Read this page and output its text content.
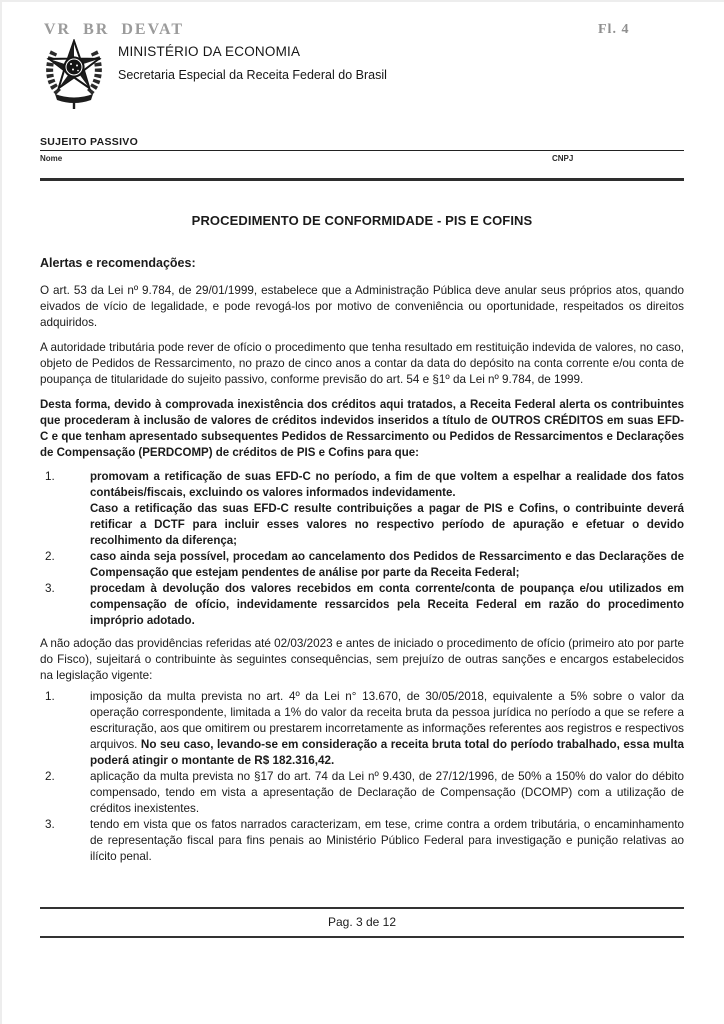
VR BR DEVAT	Fl. 4
MINISTÉRIO DA ECONOMIA
Secretaria Especial da Receita Federal do Brasil
SUJEITO PASSIVO
Nome	CNPJ
PROCEDIMENTO DE CONFORMIDADE - PIS E COFINS
Alertas e recomendações:
O art. 53 da Lei nº 9.784, de 29/01/1999, estabelece que a Administração Pública deve anular seus próprios atos, quando eivados de vício de legalidade, e pode revogá-los por motivo de conveniência ou oportunidade, respeitados os direitos adquiridos.
A autoridade tributária pode rever de ofício o procedimento que tenha resultado em restituição indevida de valores, no caso, objeto de Pedidos de Ressarcimento, no prazo de cinco anos a contar da data do depósito na conta corrente e/ou conta de poupança de titularidade do sujeito passivo, conforme previsão do art. 54 e §1º da Lei nº 9.784, de 1999.
Desta forma, devido à comprovada inexistência dos créditos aqui tratados, a Receita Federal alerta os contribuintes que procederam à inclusão de valores de créditos indevidos inseridos a título de OUTROS CRÉDITOS em suas EFD-C e que tenham apresentado subsequentes Pedidos de Ressarcimento ou Pedidos de Ressarcimentos e Declarações de Compensação (PERDCOMP) de créditos de PIS e Cofins para que:
1.	promovam a retificação de suas EFD-C no período, a fim de que voltem a espelhar a realidade dos fatos contábeis/fiscais, excluindo os valores informados indevidamente.
Caso a retificação das suas EFD-C resulte contribuições a pagar de PIS e Cofins, o contribuinte deverá retificar a DCTF para incluir esses valores no respectivo período de apuração e efetuar o devido recolhimento da diferença;
2.	caso ainda seja possível, procedam ao cancelamento dos Pedidos de Ressarcimento e das Declarações de Compensação que estejam pendentes de análise por parte da Receita Federal;
3.	procedam à devolução dos valores recebidos em conta corrente/conta de poupança e/ou utilizados em compensação de ofício, indevidamente ressarcidos pela Receita Federal em razão do procedimento impróprio adotado.
A não adoção das providências referidas até 02/03/2023 e antes de iniciado o procedimento de ofício (primeiro ato por parte do Fisco), sujeitará o contribuinte às seguintes consequências, sem prejuízo de outras sanções e encargos estabelecidos na legislação vigente:
1.	imposição da multa prevista no art. 4º da Lei n° 13.670, de 30/05/2018, equivalente a 5% sobre o valor da operação correspondente, limitada a 1% do valor da receita bruta da pessoa jurídica no período a que se refere a escrituração, aos que omitirem ou prestarem incorretamente as informações referentes aos registros e respectivos arquivos. No seu caso, levando-se em consideração a receita bruta total do período trabalhado, essa multa poderá atingir o montante de R$ 182.316,42.
2.	aplicação da multa prevista no §17 do art. 74 da Lei nº 9.430, de 27/12/1996, de 50% a 150% do valor do débito compensado, tendo em vista a apresentação de Declaração de Compensação (DCOMP) com a utilização de créditos inexistentes.
3.	tendo em vista que os fatos narrados caracterizam, em tese, crime contra a ordem tributária, o encaminhamento de representação fiscal para fins penais ao Ministério Público Federal para investigação e punição relativas ao ilícito penal.
Pag. 3 de 12
